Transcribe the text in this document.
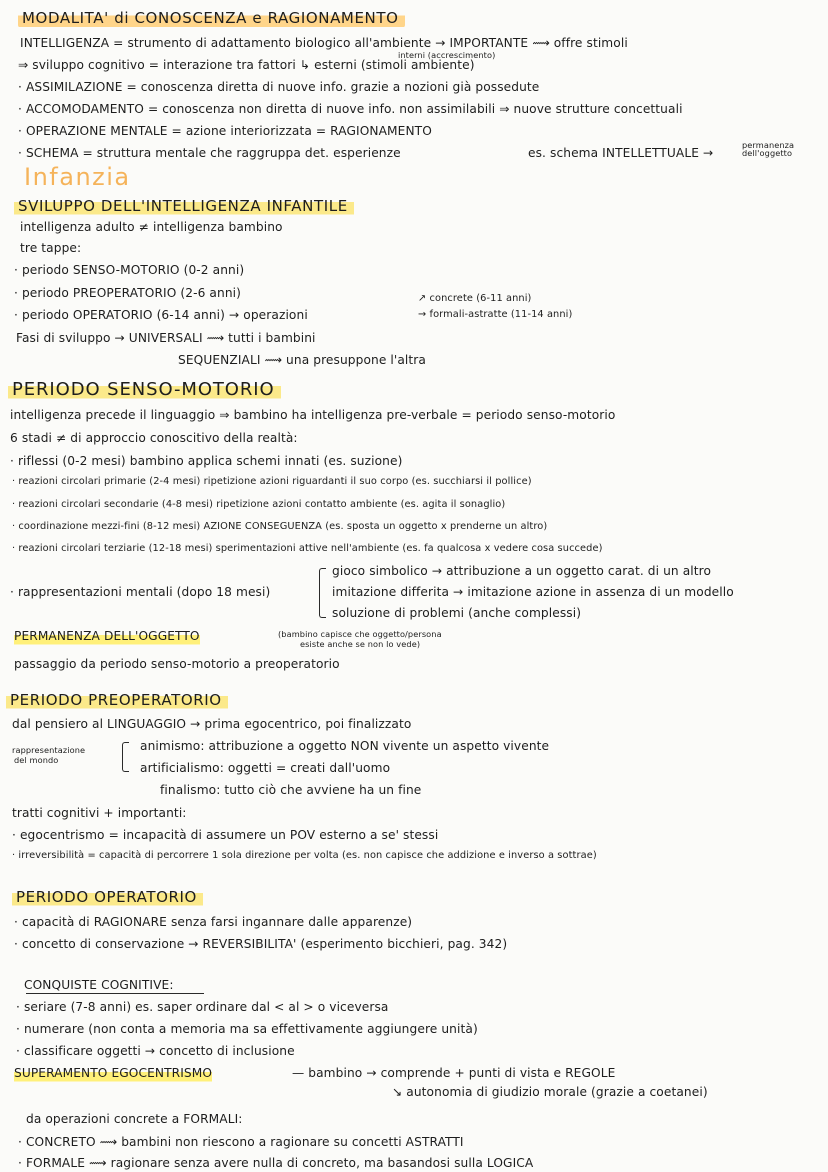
MODALITA' di CONOSCENZA e RAGIONAMENTO
INTELLIGENZA = strumento di adattamento biologico all'ambiente → IMPORTANTE ⟿ offre stimoli
interni (accrescimento)
⇒ sviluppo cognitivo = interazione tra fattori ↳ esterni (stimoli ambiente)
· ASSIMILAZIONE = conoscenza diretta di nuove info. grazie a nozioni già possedute
· ACCOMODAMENTO = conoscenza non diretta di nuove info. non assimilabili ⇒ nuove strutture concettuali
· OPERAZIONE MENTALE = azione interiorizzata = RAGIONAMENTO
· SCHEMA = struttura mentale che raggruppa det. esperienze	es. schema INTELLETTUALE →
permanenza dell'oggetto
Infanzia
SVILUPPO DELL'INTELLIGENZA INFANTILE
intelligenza adulto ≠ intelligenza bambino
tre tappe:
· periodo SENSO-MOTORIO (0-2 anni)
· periodo PREOPERATORIO (2-6 anni)
· periodo OPERATORIO (6-14 anni) → operazioni
↗ concrete (6-11 anni)
→ formali-astratte (11-14 anni)
Fasi di sviluppo → UNIVERSALI ⟿ tutti i bambini
SEQUENZIALI ⟿ una presuppone l'altra
PERIODO SENSO-MOTORIO
intelligenza precede il linguaggio ⇒ bambino ha intelligenza pre-verbale = periodo senso-motorio
6 stadi ≠ di approccio conoscitivo della realtà:
· riflessi (0-2 mesi) bambino applica schemi innati (es. suzione)
· reazioni circolari primarie (2-4 mesi) ripetizione azioni riguardanti il suo corpo (es. succhiarsi il pollice)
· reazioni circolari secondarie (4-8 mesi) ripetizione azioni contatto ambiente (es. agita il sonaglio)
· coordinazione mezzi-fini (8-12 mesi) AZIONE CONSEGUENZA (es. sposta un oggetto x prenderne un altro)
· reazioni circolari terziarie (12-18 mesi) sperimentazioni attive nell'ambiente (es. fa qualcosa x vedere cosa succede)
· rappresentazioni mentali (dopo 18 mesi)
gioco simbolico → attribuzione a un oggetto carat. di un altro
imitazione differita → imitazione azione in assenza di un modello
soluzione di problemi (anche complessi)
PERMANENZA DELL'OGGETTO	(bambino capisce che oggetto/persona
esiste anche se non lo vede)
passaggio da periodo senso-motorio a preoperatorio
PERIODO PREOPERATORIO
dal pensiero al LINGUAGGIO → prima egocentrico, poi finalizzato
rappresentazione
del mondo
animismo: attribuzione a oggetto NON vivente un aspetto vivente
artificialismo: oggetti = creati dall'uomo
finalismo: tutto ciò che avviene ha un fine
tratti cognitivi + importanti:
· egocentrismo = incapacità di assumere un POV esterno a se' stessi
· irreversibilità = capacità di percorrere 1 sola direzione per volta (es. non capisce che addizione e inverso a sottrae)
PERIODO OPERATORIO
· capacità di RAGIONARE senza farsi ingannare dalle apparenze)
· concetto di conservazione → REVERSIBILITA' (esperimento bicchieri, pag. 342)
CONQUISTE COGNITIVE:
· seriare (7-8 anni) es. saper ordinare dal < al > o viceversa
· numerare (non conta a memoria ma sa effettivamente aggiungere unità)
· classificare oggetti → concetto di inclusione
SUPERAMENTO EGOCENTRISMO	— bambino → comprende + punti di vista e REGOLE
↘ autonomia di giudizio morale (grazie a coetanei)
da operazioni concrete a FORMALI:
· CONCRETO ⟿ bambini non riescono a ragionare su concetti ASTRATTI
· FORMALE ⟿ ragionare senza avere nulla di concreto, ma basandosi sulla LOGICA
